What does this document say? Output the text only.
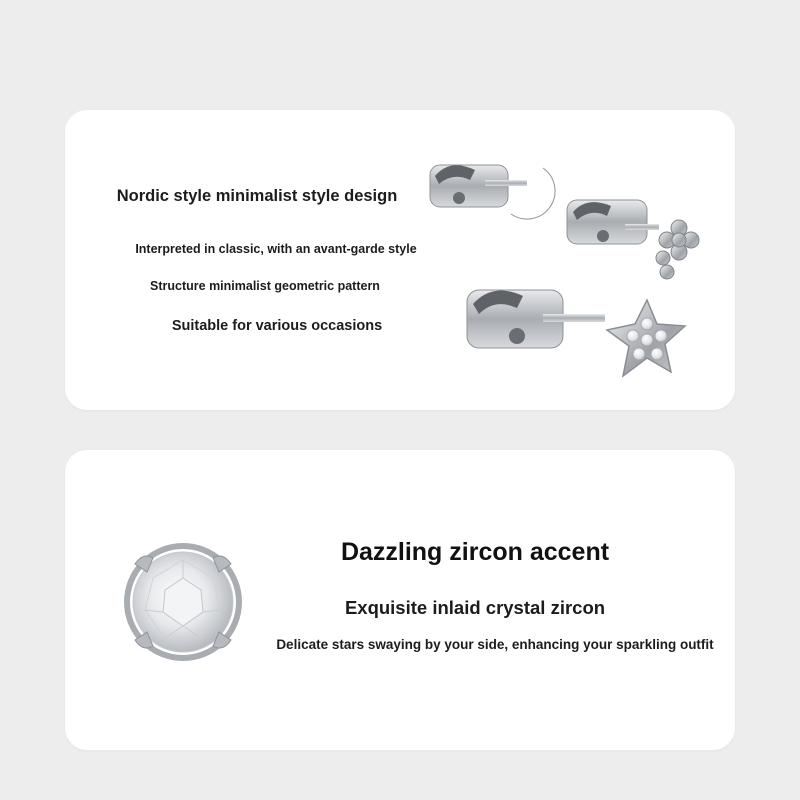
Nordic style minimalist style design
Interpreted in classic, with an avant-garde style
Structure minimalist geometric pattern
Suitable for various occasions
Dazzling zircon accent
Exquisite inlaid crystal zircon
Delicate stars swaying by your side, enhancing your sparkling outfit
